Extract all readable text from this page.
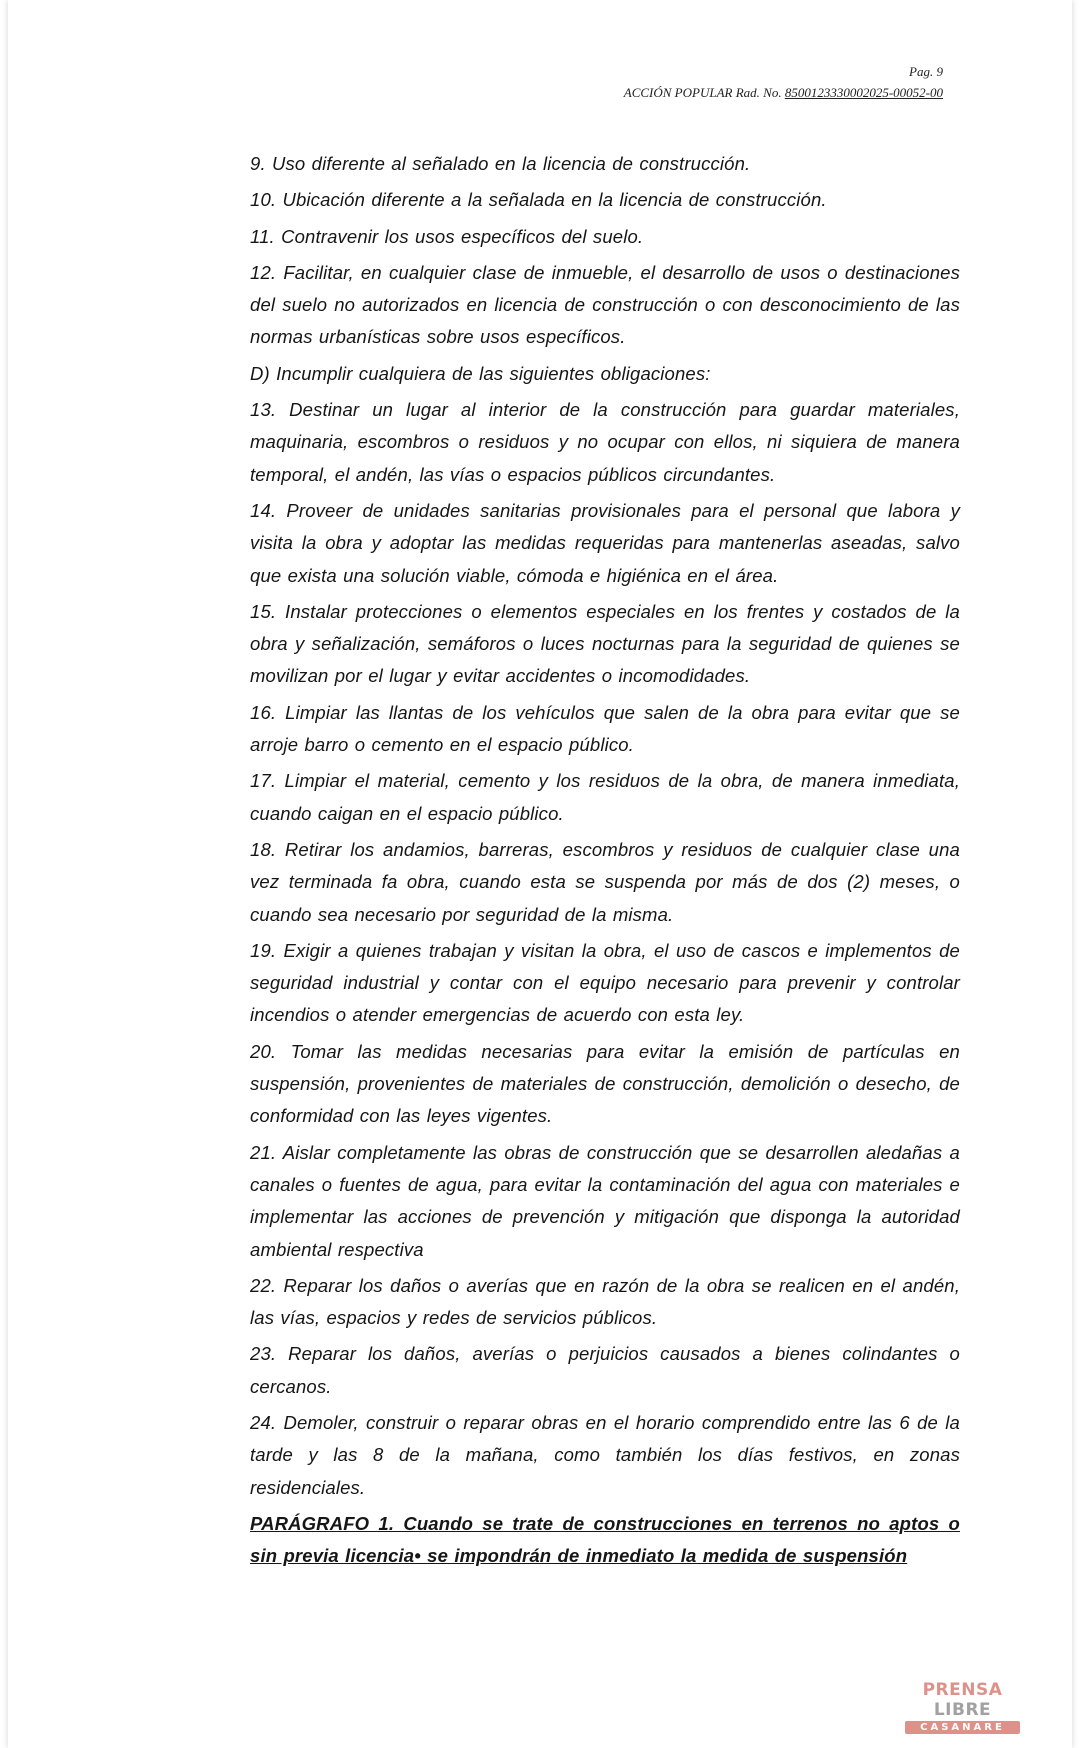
Pag. 9
ACCIÓN POPULAR Rad. No. 8500123330002025-00052-00

9. Uso diferente al señalado en la licencia de construcción.

10. Ubicación diferente a la señalada en la licencia de construcción.

11. Contravenir los usos específicos del suelo.

12. Facilitar, en cualquier clase de inmueble, el desarrollo de usos o destinaciones del suelo no autorizados en licencia de construcción o con desconocimiento de las normas urbanísticas sobre usos específicos.

D) Incumplir cualquiera de las siguientes obligaciones:

13. Destinar un lugar al interior de la construcción para guardar materiales, maquinaria, escombros o residuos y no ocupar con ellos, ni siquiera de manera temporal, el andén, las vías o espacios públicos circundantes.

14. Proveer de unidades sanitarias provisionales para el personal que labora y visita la obra y adoptar las medidas requeridas para mantenerlas aseadas, salvo que exista una solución viable, cómoda e higiénica en el área.

15. Instalar protecciones o elementos especiales en los frentes y costados de la obra y señalización, semáforos o luces nocturnas para la seguridad de quienes se movilizan por el lugar y evitar accidentes o incomodidades.

16. Limpiar las llantas de los vehículos que salen de la obra para evitar que se arroje barro o cemento en el espacio público.

17. Limpiar el material, cemento y los residuos de la obra, de manera inmediata, cuando caigan en el espacio público.

18. Retirar los andamios, barreras, escombros y residuos de cualquier clase una vez terminada fa obra, cuando esta se suspenda por más de dos (2) meses, o cuando sea necesario por seguridad de la misma.

19. Exigir a quienes trabajan y visitan la obra, el uso de cascos e implementos de seguridad industrial y contar con el equipo necesario para prevenir y controlar incendios o atender emergencias de acuerdo con esta ley.

20. Tomar las medidas necesarias para evitar la emisión de partículas en suspensión, provenientes de materiales de construcción, demolición o desecho, de conformidad con las leyes vigentes.

21. Aislar completamente las obras de construcción que se desarrollen aledañas a canales o fuentes de agua, para evitar la contaminación del agua con materiales e implementar las acciones de prevención y mitigación que disponga la autoridad ambiental respectiva

22. Reparar los daños o averías que en razón de la obra se realicen en el andén, las vías, espacios y redes de servicios públicos.

23. Reparar los daños, averías o perjuicios causados a bienes colindantes o cercanos.

24. Demoler, construir o reparar obras en el horario comprendido entre las 6 de la tarde y las 8 de la mañana, como también los días festivos, en zonas residenciales.

PARÁGRAFO 1. Cuando se trate de construcciones en terrenos no aptos o sin previa licencia• se impondrán de inmediato la medida de suspensión

PRENSA LIBRE
CASANARE
